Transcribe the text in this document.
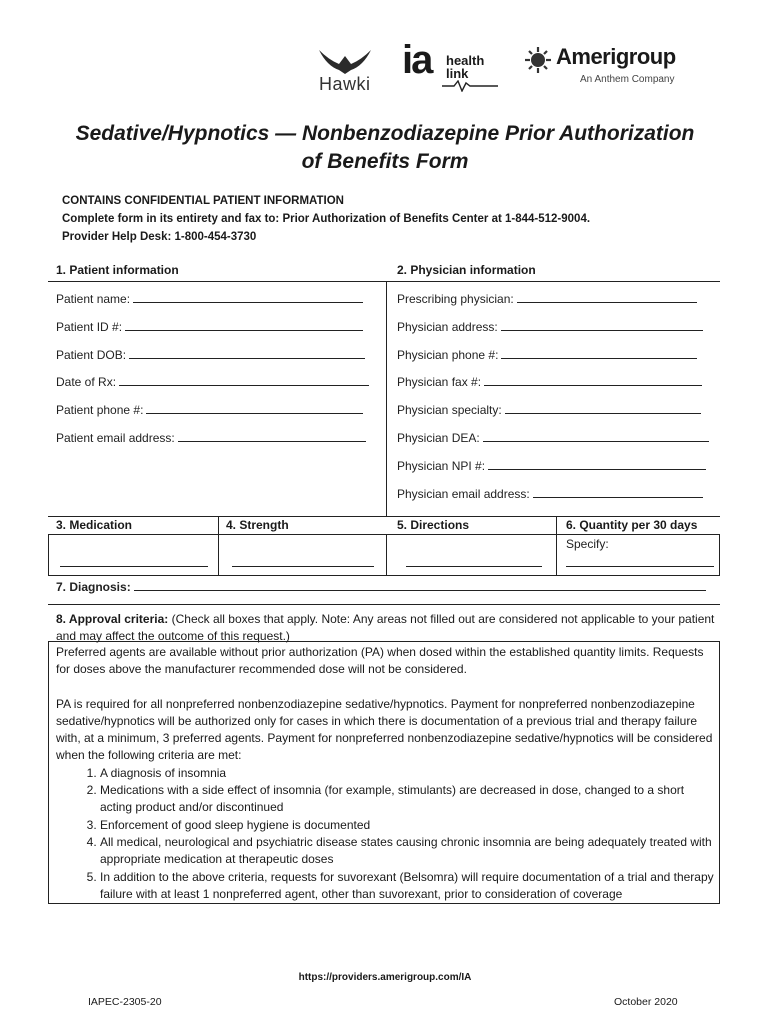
Hawki
ia health
link
Amerigroup
An Anthem Company
Sedative/Hypnotics — Nonbenzodiazepine Prior Authorization
of Benefits Form
CONTAINS CONFIDENTIAL PATIENT INFORMATION
Complete form in its entirety and fax to: Prior Authorization of Benefits Center at 1-844-512-9004.
Provider Help Desk: 1-800-454-3730
1. Patient information	2. Physician information
Patient name:
Patient ID #:
Patient DOB:
Date of Rx:
Patient phone #:
Patient email address:
Prescribing physician:
Physician address:
Physician phone #:
Physician fax #:
Physician specialty:
Physician DEA:
Physician NPI #:
Physician email address:
3. Medication	4. Strength	5. Directions	6. Quantity per 30 days
Specify:
7. Diagnosis:
8. Approval criteria: (Check all boxes that apply. Note: Any areas not filled out are considered not applicable to your patient and may affect the outcome of this request.)

Preferred agents are available without prior authorization (PA) when dosed within the established quantity limits. Requests for doses above the manufacturer recommended dose will not be considered.

PA is required for all nonpreferred nonbenzodiazepine sedative/hypnotics. Payment for nonpreferred nonbenzodiazepine sedative/hypnotics will be authorized only for cases in which there is documentation of a previous trial and therapy failure with, at a minimum, 3 preferred agents. Payment for nonpreferred nonbenzodiazepine sedative/hypnotics will be considered when the following criteria are met:

1. A diagnosis of insomnia
2. Medications with a side effect of insomnia (for example, stimulants) are decreased in dose, changed to a short acting product and/or discontinued
3. Enforcement of good sleep hygiene is documented
4. All medical, neurological and psychiatric disease states causing chronic insomnia are being adequately treated with appropriate medication at therapeutic doses
5. In addition to the above criteria, requests for suvorexant (Belsomra) will require documentation of a trial and therapy failure with at least 1 nonpreferred agent, other than suvorexant, prior to consideration of coverage
https://providers.amerigroup.com/IA
IAPEC-2305-20	October 2020
